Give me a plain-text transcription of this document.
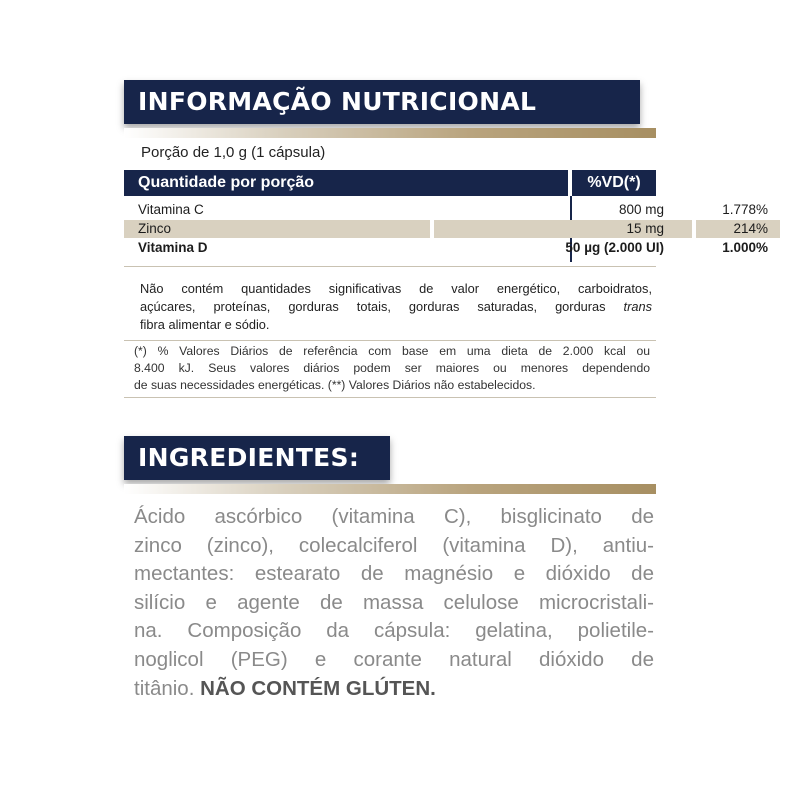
INFORMAÇÃO NUTRICIONAL
Porção de 1,0 g (1 cápsula)
Quantidade por porção	%VD(*)
Vitamina C	800 mg	1.778%
Zinco	15 mg	214%
Vitamina D	50 µg (2.000 UI)	1.000%
Não contém quantidades significativas de valor energético, carboidratos,
açúcares, proteínas, gorduras totais, gorduras saturadas, gorduras trans
fibra alimentar e sódio.
(*) % Valores Diários de referência com base em uma dieta de 2.000 kcal ou
8.400 kJ. Seus valores diários podem ser maiores ou menores dependendo
de suas necessidades energéticas. (**) Valores Diários não estabelecidos.
INGREDIENTES:
Ácido ascórbico (vitamina C), bisglicinato de
zinco (zinco), colecalciferol (vitamina D), antiu-
mectantes: estearato de magnésio e dióxido de
silício e agente de massa celulose microcristali-
na. Composição da cápsula: gelatina, polietile-
noglicol (PEG) e corante natural dióxido de
titânio. NÃO CONTÉM GLÚTEN.
